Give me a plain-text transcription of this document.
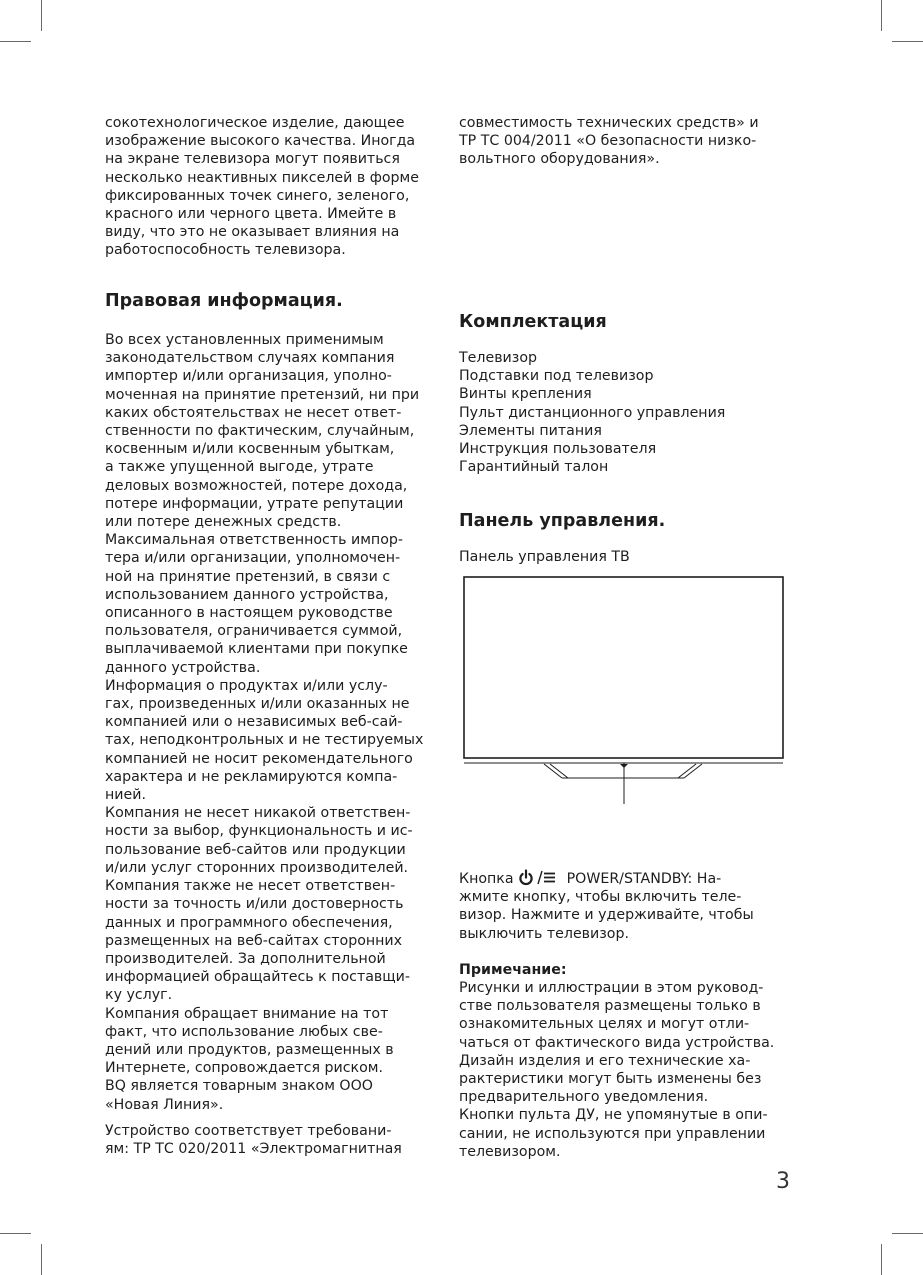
сокотехнологическое изделие, дающее
изображение высокого качества. Иногда
на экране телевизора могут появиться
несколько неактивных пикселей в форме
фиксированных точек синего, зеленого,
красного или черного цвета. Имейте в
виду, что это не оказывает влияния на
работоспособность телевизора.
Правовая информация.
Во всех установленных применимым
законодательством случаях компания
импортер и/или организация, уполно-
моченная на принятие претензий, ни при
каких обстоятельствах не несет ответ-
ственности по фактическим, случайным,
косвенным и/или косвенным убыткам,
а также упущенной выгоде, утрате
деловых возможностей, потере дохода,
потере информации, утрате репутации
или потере денежных средств.
Максимальная ответственность импор-
тера и/или организации, уполномочен-
ной на принятие претензий, в связи с
использованием данного устройства,
описанного в настоящем руководстве
пользователя, ограничивается суммой,
выплачиваемой клиентами при покупке
данного устройства.
Информация о продуктах и/или услу-
гах, произведенных и/или оказанных не
компанией или о независимых веб-сай-
тах, неподконтрольных и не тестируемых
компанией не носит рекомендательного
характера и не рекламируются компа-
нией.
Компания не несет никакой ответствен-
ности за выбор, функциональность и ис-
пользование веб-сайтов или продукции
и/или услуг сторонних производителей.
Компания также не несет ответствен-
ности за точность и/или достоверность
данных и программного обеспечения,
размещенных на веб-сайтах сторонних
производителей. За дополнительной
информацией обращайтесь к поставщи-
ку услуг.
Компания обращает внимание на тот
факт, что использование любых све-
дений или продуктов, размещенных в
Интернете, сопровождается риском.
BQ является товарным знаком ООО
«Новая Линия».
Устройство соответствует требовани-
ям: ТР ТС 020/2011 «Электромагнитная
совместимость технических средств» и
ТР ТС 004/2011 «О безопасности низко-
вольтного оборудования».
Комплектация
Телевизор
Подставки под телевизор
Винты крепления
Пульт дистанционного управления
Элементы питания
Инструкция пользователя
Гарантийный талон
Панель управления.
Панель управления ТВ
Кнопка	POWER/STANDBY: На-
жмите кнопку, чтобы включить теле-
визор. Нажмите и удерживайте, чтобы
выключить телевизор.
Примечание:
Рисунки и иллюстрации в этом руковод-
стве пользователя размещены только в
ознакомительных целях и могут отли-
чаться от фактического вида устройства.
Дизайн изделия и его технические ха-
рактеристики могут быть изменены без
предварительного уведомления.
Кнопки пульта ДУ, не упомянутые в опи-
сании, не используются при управлении
телевизором.
3
